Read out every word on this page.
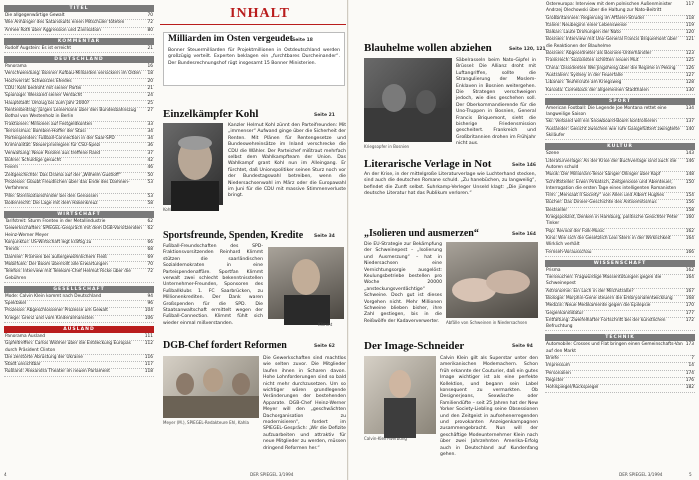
TITEL
Die allgegenwärtige Gewalt	70
Wie Anhänger des Satanskults einen Mitschüler töteten	72
Armee Roth über Aggression und Zivilisation	80
KOMMENTAR
Rudolf Augstein: Es ist erreicht	21
DEUTSCHLAND
Panorama	16
Verschwendung: Bonner Aufbau-Milliarden versickern im Osten 18
Hochverrat: Schwarzes Ehedes	20
CDU: Kohl bedroht mit seiner Partei	21
Spionage: Wessand seiner Verdacht	24
Hauptstadt: Umzug bis zum Jahr 2000?	25
Rentenbeitrag: Jürgen Leinemann über den Bundesbahnszug Bothal von Westenholz in Berlin
27
Fraktionen: Millionen auf Festgeldkonten	33
Terrorismus: Bomben-Hoffer der Stasi	34
Parteispenden: Fußball-Connection in der Saar-SPD	34
Kriminalität: Steuerprivilegien für CSU-Spezi	36
Verwaltung: Neue Parolen aus treffene Rand	37
Bühne: Schuldige gesucht	42
Feiern	46
Zeitgeschichte: Das Drama auf der „Wilhelm Gustloff“	50
Prozesse: Glaubt Freudlichen über das Ende des Damnen-Verfahrens
53
Pille: Sterilisationshinder bei den Genossen	53
Bodenrecht: Die Lage mit dem Hakenkreuz	58
WIRTSCHAFT
Tarifstreit: Sturm Frontex in der Metallindustrie	62
Gewerkschaften: SPIEGEL-Gespräch mit dem DGB-Vorsitzenden Heinz-Werner Meyer
62
Konjunktur: US-Wirtschaft legt kräftig zu	66
Trends	68
Daimler: Prämien bei außergewöhnlichem Fleiß	69
Mobilfunk: Der Boom überrollt alle Erwartungen	70
Telefon: Interview mit Telekom-Chef Helmut Ricke über die Gebühren
72
GESELLSCHAFT
Mode: Calvin Klein kommt nach Deutschland	94
Spektakel	96
Prozesse: Abgeschlossener Prozesse um Gewalt	104
Kriege: Grenz und vom Kinderalmanisten	106
AUSLAND
Panorama Ausland	111
Gipfeltreffen: Carlos Widmer über die Entdeckung Europas durch Präsident Clinton
112
Die zerstörte Abrüstung der Ukraine	116
Stadt unsichtbar	117
Rußland: Alexandra Theater im neuen Parlament	118
INHALT
Milliarden im Osten vergeudet Seite 18
Bonner Steuermilliarden für Projektmillionen in Ostdeutschland werden großzügig verteilt. Experten beklagen ein „furchtbares Durcheinander“. Der Bundesrechnungshof rügt insgesamt 15 Bonner Ministerien.
Einzelkämpfer Kohl	Seite 21
Kohl
Kanzler Helmut Kohl zünnt den Parteifreunden: Mit „immenser“ Aufwand ginge über die Sicherheit der Renten. Mit Plänen für Rentengesetze und Bundeswehreinsätze im Inland verschrecke die CDU die Wähler. Der Parteichef mißtraut mehrfach selbst dem Wahlkampfteam der Union. Das Wahlkampf grant Kohl nun im Alleingang. Er fürchtet, daß Unionspolitiker seinen Sturz noch vor der Bundestagswahl betreiben, wenn die Niedersachsenwahl im März oder die Europawahl im Juni für die CDU mit massive Stimmenverluste bringt.
Sportsfreunde, Spenden, Kredite Seite 34
Fußball-Freundschaften des SPD-Fraktionsvorsitzenden Reinhard Klimmt stützen die saarländischen Sozialdemokraten in eine Parteispendenaffäre. Sportfan Klimmt verwalt zwei schlecht bekenntnisstellen Unternehmer-Freunden, Sponsoren des Fußballklubs 1. FC Saarbrücken, zu Millionenkrediten. Der Dank waren Großspenden für die SPD. Die Staatsanwaltschaft ermittelt wegen der Fußball-Connection. Klimmt fühlt sich wieder einmal mißverstanden.	Klimmt
DGB-Chef fordert Reformen	Seite 62
Meyer (M.), SPIEGEL-Redakteure Ehl, Kahla
Die Gewerkschaften sind machtlos wie selten zuvor. Die Mitglieder laufen ihnen in Scharen davon. Hohe Lohnforderungen sind so bald nicht mehr durchzusetzen. Um so wichtiger wären grundlegende Veränderungen der bestehenden Apparate. DGB-Chef Heinz-Werner Meyer will den „geschwächten Dachorganisation zu modernisieren“, fordert im SPIEGEL-Gespräch: „Wir die Defizite aufzuarbeiten und attraktiv für neue Mitglieder zu werden, müssen dringend Reformen her.“
4	DER SPIEGEL 3/1994
Blauhelme wollen abziehen	Seite 120, 121
Kriegsopfer in Bosnien
Säbelrasseln beim Nato-Gipfel in Brüssel: Die Allianz droht mit Luftangriffen, sollte die Strangulierung der Moslem-Enklaven in Bosnien weitergehen. Die Strategen verschweigen jedoch, wie dies geschehen soll. Der Oberkommandierende für die Uno-Truppen in Bosnien, General Francis Briquemont, sieht die bisherige Friedensmission gescheitert. Frankreich und Großbritannien drohen im Frühjahr nicht aus.
Literarische Verlage in Not	Seite 146
An der Krise, in der mittelgroße Literaturverlage wie Luchterhand stecken, sind auch die deutschen Romane schuld. „Zu hanebüchen, zu langweilig“, befindet die Zunft selbst. Suhrkamp-Verleger Unseld klagt: „Die jüngere deutsche Literatur hat das Publikum verloren.“
„Isolieren und ausmerzen“	Seite 164
Die EU-Strategie zur Bekämpfung der Schweinepest – „Isolierung und Ausmerzung“ – hat in Niedersachsen eine Vernichtungsorgie ausgelöst: Keulungsbetriebe bestellen pro Woche 20000 „ansteckungsverdächtige“ Schweine. Doch gut ist dieses Vorgehen nicht. Mehr Millionen Schweine blieben bisher, ihre Zahl gestiegen, bis in die Reißwölfe der Kadaververwerter.	Abfälle von Schweinen in Niedersachsen
Der Image-Schneider	Seite 94
Calvin-Klein-Werbung
Calvin Klein gilt als Superstar unter den amerikanischen Modemachern. Schon früh erkannte der Couturier, daß ein gutes Image wichtiger ist als eine perfekte Kollektion, und begann sein Label konsequent zu vermarkten. Ob Designerjeans, Sexwäsche oder Familiendüfte – seit 25 Jahren hat der New Yorker Society-Liebling seine Obsessionen und den Zeitgeist in aufsehenerregenden und provokanten Anzeigenkampagnen zusammengebracht. Nun will der geschäftige Modeunternehmer Klein nach über zwei Jahrzehnten Amerika-Erfolg auch in Deutschland auf Kundenfang gehen.
Ostereuropa: Interview mit dem polnischen Außenminister Andrzej Olechowski über die Haltung zur Nato-Beitritt
117
Großbritannien: Regierung im Affären-Strudel	118
Italien: Neubeginn einer Lebensweise	119
Balkan: Laute Drohungen der Nato	120
Bosnien: Interview mit Uno-General Francis Briquemont über die Reaktionen der Blauhelme
121
Bosnien: Abgeordneter als Bosnien-Unterhändler	123
Frankreich: Sozialisten schlitten neuen Mut	125
China: Dissidenten Wei Jingsheng über die Regime in Peking 126
Australien: Sydney in der Feuerfalle	127
Libanon: Teufelsrute am Kriegsweg	128
Kanada: Comeback der allgemeinen Stadthalen	130
SPORT
American Football: Die Legende Joe Montana rettet eine langweilige Saison
134
Ski: Verband will ein Snowboard-Boom kontrollieren	137
Ausländer: Gesicht zwischen wie rufe Gaisgefüttert zwingtelte Skiläufer
140
KULTUR
Szene	143
Literaturverlage: An der Krise der Buchverlage sind auch die Autoren schuld
146
Musik: Der Millionärs-Tenor Sänger Ollinger über Kopf	148
Schriftsteller: Erwin Pirkatsch, Zeitgenosse und Abenteuer, Interrogation die ersten Tage eines intelligenten Romanisten
150
Film: „Mensaat II Society“ von Allen und Albert Hughes	154
Bücher: Das Dinner-Geschichte des Antisemitismus	156
Bestseller	158
Kriegspolizist, Denken in Hamburg, politische Gesichter Peter Tinker
160
Pop: Revival der Folk-Music	162
Kino: Wie sich die Gesetzlich Lexi Stern in der Wirklichkeit Wirklich verhält
164
Fernseh-Vorausschau	166
WISSENSCHAFT
Prisma	162
Tierseuchen: Fragwürdige Massentötungen gegen die Schweinepest
164
Astronomie: Ein Loch in der Milchstraße?	167
Biologie: Morphin-Gene steuern die Embryonalentwicklung	168
Medizin: Neue Medikamente gegen die Epilepsie	170
Gegenkandidatur	177
Entfaltung: Zweifelhafter Fortschritt bei der künstlichen Befruchtung
172
TECHNIK
Automobile: Crosses und Flat bringen einen Gemeinschafts-Van auf den Markt
173
Briefe	7
Impressum	14
Personalien	174
Register	176
Hohlspiegel/Rückspiegel	182
DER SPIEGEL 3/1994	5
